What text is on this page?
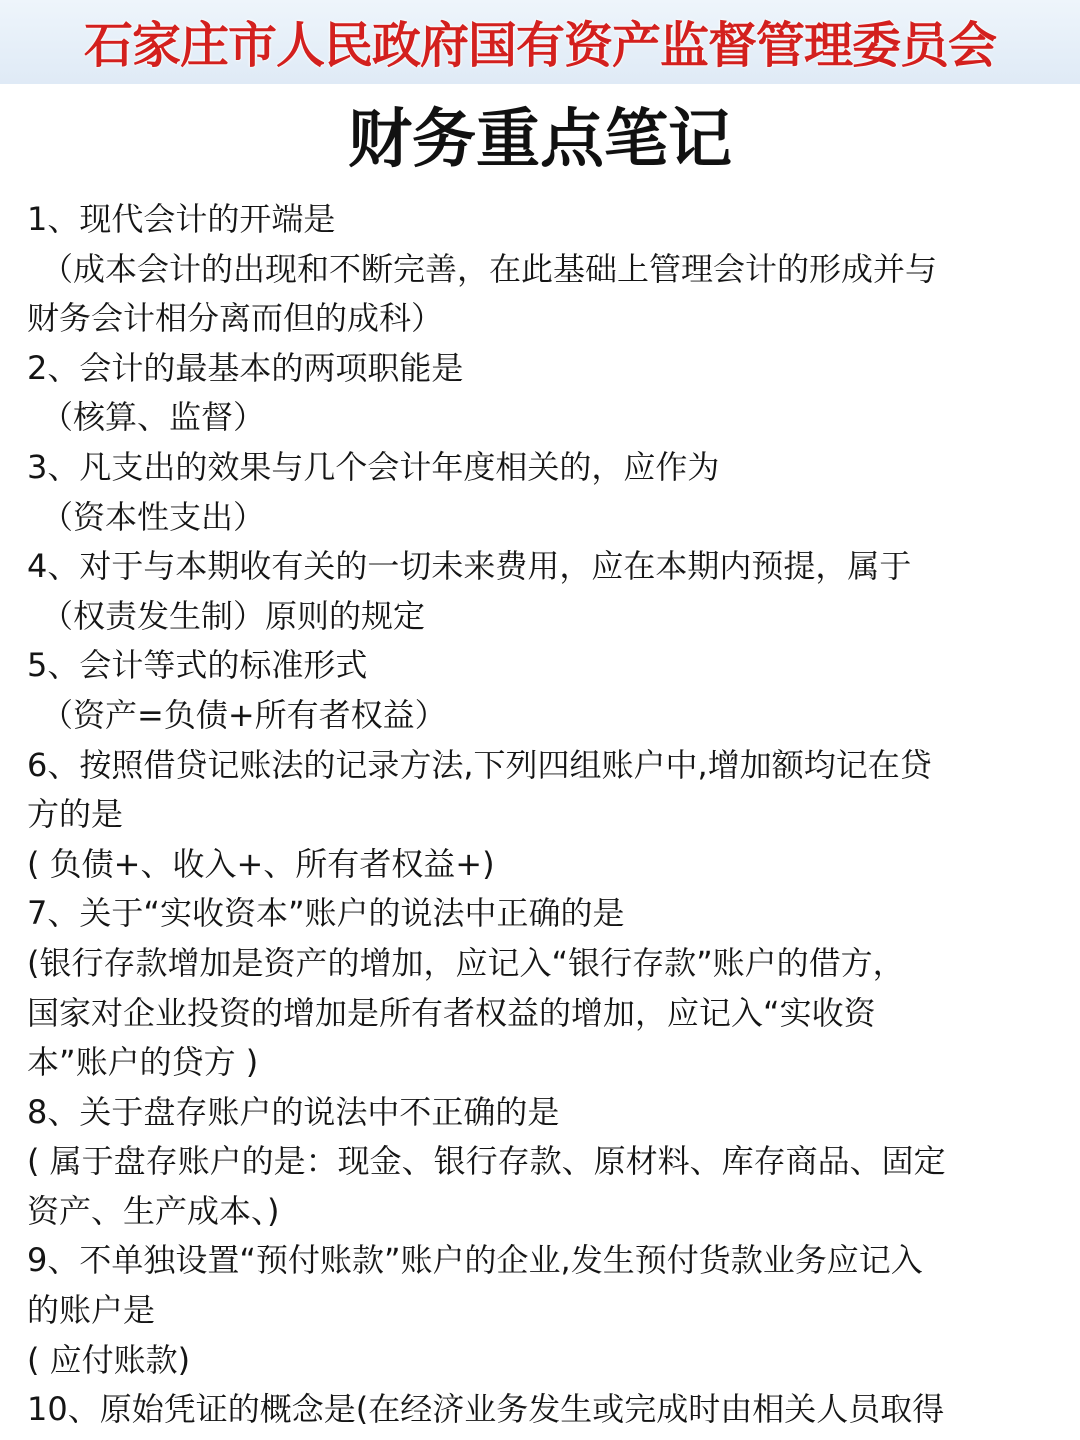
石家庄市人民政府国有资产监督管理委员会
财务重点笔记
1、现代会计的开端是
（成本会计的出现和不断完善，在此基础上管理会计的形成并与
财务会计相分离而但的成科）
2、会计的最基本的两项职能是
（核算、监督）
3、凡支出的效果与几个会计年度相关的，应作为
（资本性支出）
4、对于与本期收有关的一切未来费用，应在本期内预提，属于
（权责发生制）原则的规定
5、会计等式的标准形式
（资产=负债+所有者权益）
6、按照借贷记账法的记录方法,下列四组账户中,增加额均记在贷
方的是
( 负债+、收入+、所有者权益+)
7、关于“实收资本”账户的说法中正确的是
(银行存款增加是资产的增加，应记入“银行存款”账户的借方，
国家对企业投资的增加是所有者权益的增加，应记入“实收资
本”账户的贷方 )
8、关于盘存账户的说法中不正确的是
( 属于盘存账户的是：现金、银行存款、原材料、库存商品、固定
资产、生产成本、)
9、不单独设置“预付账款”账户的企业,发生预付货款业务应记入
的账户是
( 应付账款)
10、原始凭证的概念是(在经济业务发生或完成时由相关人员取得
